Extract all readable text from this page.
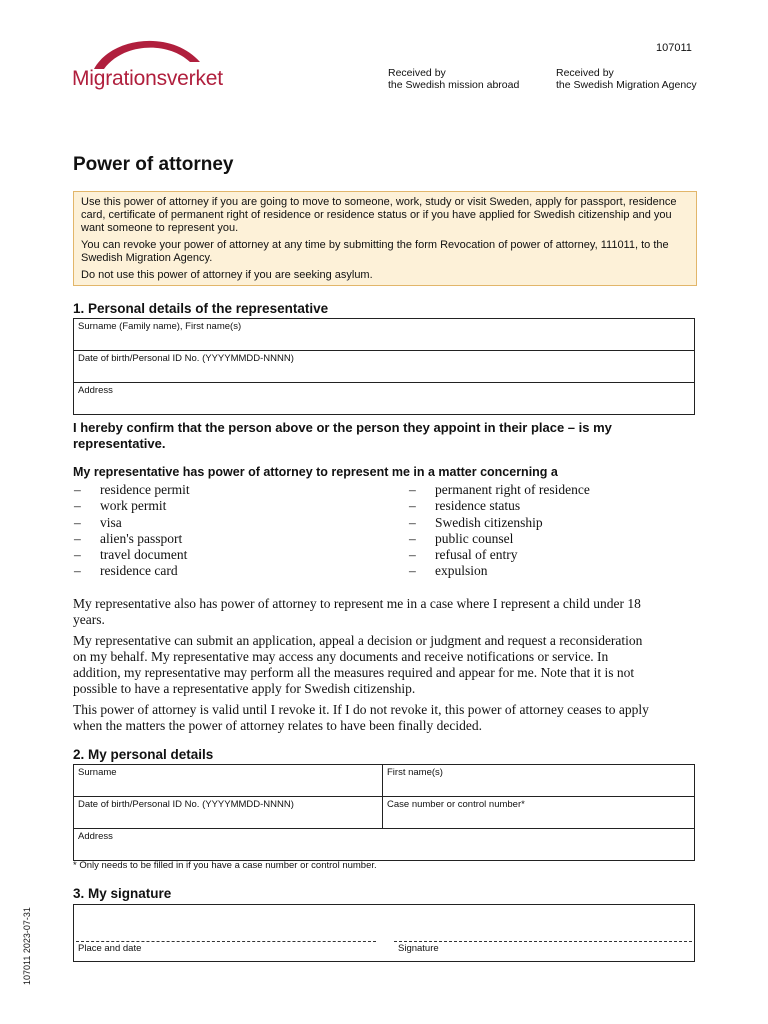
Migrationsverket
107011
Received by
the Swedish mission abroad
Received by
the Swedish Migration Agency
Power of attorney

Use this power of attorney if you are going to move to someone, work, study or visit Sweden, apply for passport, residence card, certificate of permanent right of residence or residence status or if you have applied for Swedish citizenship and you want someone to represent you.

You can revoke your power of attorney at any time by submitting the form Revocation of power of attorney, 111011, to the Swedish Migration Agency.

Do not use this power of attorney if you are seeking asylum.

1. Personal details of the representative
Surname (Family name), First name(s)
Date of birth/Personal ID No. (YYYYMMDD-NNNN)
Address
I hereby confirm that the person above or the person they appoint in their place – is my representative.
My representative has power of attorney to represent me in a matter concerning a
– residence permit
– work permit
– visa
– alien's passport
– travel document
– residence card
– permanent right of residence
– residence status
– Swedish citizenship
– public counsel
– refusal of entry
– expulsion

My representative also has power of attorney to represent me in a case where I represent a child under 18 years.

My representative can submit an application, appeal a decision or judgment and request a reconsideration on my behalf. My representative may access any documents and receive notifications or service. In addition, my representative may perform all the measures required and appear for me. Note that it is not possible to have a representative apply for Swedish citizenship.

This power of attorney is valid until I revoke it. If I do not revoke it, this power of attorney ceases to apply when the matters the power of attorney relates to have been finally decided.

2. My personal details
Surname	First name(s)
Date of birth/Personal ID No. (YYYYMMDD-NNNN)	Case number or control number*
Address	
* Only needs to be filled in if you have a case number or control number.
3. My signature
Place and date	Signature
107011 2023-07-31
